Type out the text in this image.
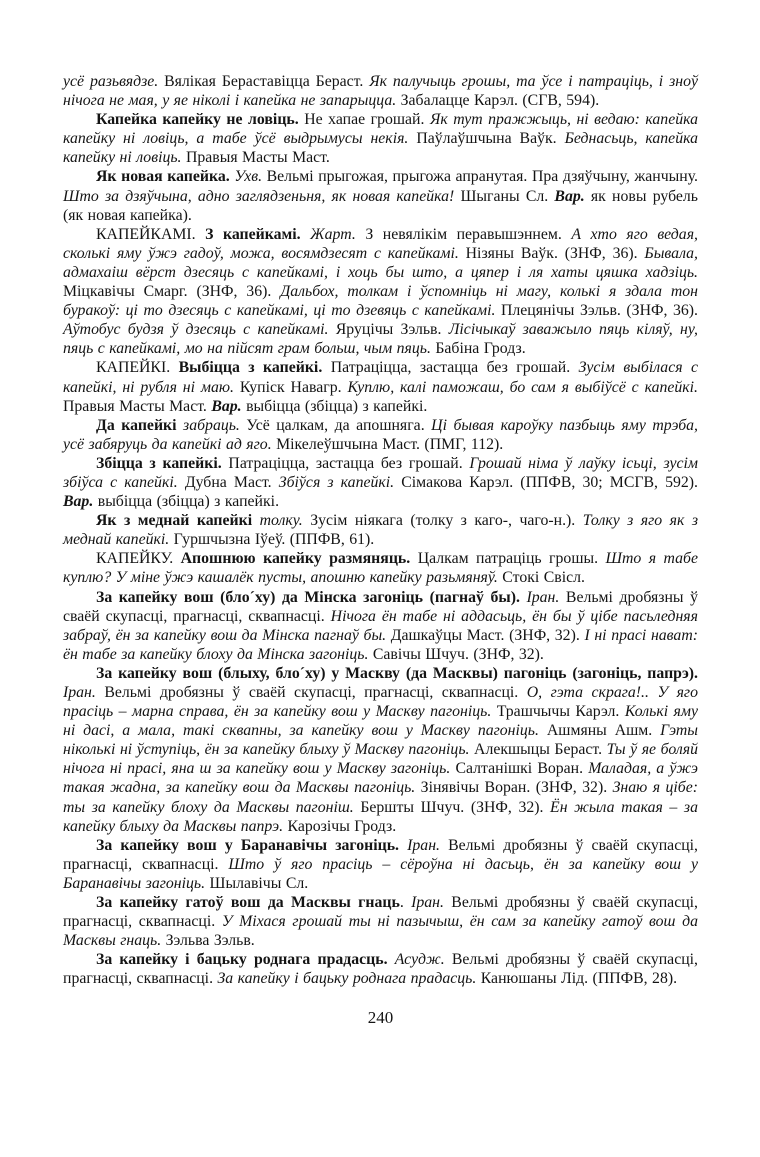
усё разьвядзе. Вялікая Бераставіцца Бераст. Як палучыць грошы, та ўсе і патраціць, і зноў нічога не мая, у яе ніколі і капейка не запарыцца. Забалацце Карэл. (СГВ, 594).

Капейка капейку не ловіць. Не хапае грошай. Як тут пражжыць, ні ведаю: капейка капейку ні ловіць, а табе ўсё выдрымусы некія. Паўлаўшчына Ваўк. Беднасьць, капейка капейку ні ловіць. Правыя Масты Маст.

Як новая капейка. Ухв. Вельмі прыгожая, прыгожа апранутая. Пра дзяўчыну, жанчыну. Што за дзяўчына, адно заглядзеньня, як новая капейка! Шыганы Сл. Вар. як новы рубель (як новая капейка).

КАПЕЙКАМІ. З капейкамі. Жарт. З невялікім перавышэннем. А хто яго ведая, сколькі яму ўжэ гадоў, можа, восямдзесят с капейкамі. Нізяны Ваўк. (ЗНФ, 36). Бывала, адмахаіш вёрст дзесяць с капейкамі, і хоць бы што, а цяпер і ля хаты цяшка хадзіць. Міцкавічы Смарг. (ЗНФ, 36). Дальбох, толкам і ўспомніць ні магу, колькі я здала тон буракоў: ці то дзесяць с капейкамі, ці то дзевяць с капейкамі. Плецянічы Зэльв. (ЗНФ, 36). Аўтобус будзя ў дзесяць с капейкамі. Яруцічы Зэльв. Лісічыкаў заважыло пяць кіляў, ну, пяць с капейкамі, мо на пійсят грам больш, чым пяць. Бабіна Гродз.

КАПЕЙКІ. Выбіцца з капейкі. Патраціцца, застацца без грошай. Зусім выбілася с капейкі, ні рубля ні маю. Купіск Навагр. Куплю, калі паможаш, бо сам я выбіўсё с капейкі. Правыя Масты Маст. Вар. выбіцца (збіцца) з капейкі.

Да капейкі забраць. Усё цалкам, да апошняга. Ці бывая кароўку пазбыць яму трэба, усё забяруць да капейкі ад яго. Мікелеўшчына Маст. (ПМГ, 112).

Збіцца з капейкі. Патраціцца, застацца без грошай. Грошай німа ў лаўку ісьці, зусім збіўса с капейкі. Дубна Маст. Збіўся з капейкі. Сімакова Карэл. (ППФВ, 30; МСГВ, 592). Вар. выбіцца (збіцца) з капейкі.

Як з меднай капейкі толку. Зусім ніякага (толку з каго-, чаго-н.). Толку з яго як з меднай капейкі. Гуршчызна Іўеў. (ППФВ, 61).

КАПЕЙКУ. Апошнюю капейку размяняць. Цалкам патраціць грошы. Што я табе куплю? У міне ўжэ кашалёк пусты, апошню капейку разьмяняў. Стокі Свісл.

За капейку вош (бло´ху) да Мінска загоніць (пагнаў бы). Іран. Вельмі дробязны ў сваёй скупасці, прагнасці, сквапнасці. Нічога ён табе ні аддасьць, ён бы ў цібе пасьледняя забраў, ён за капейку вош да Мінска пагнаў бы. Дашкаўцы Маст. (ЗНФ, 32). І ні прасі нават: ён табе за капейку блоху да Мінска загоніць. Савічы Шчуч. (ЗНФ, 32).

За капейку вош (блыху, бло´ху) у Маскву (да Масквы) пагоніць (загоніць, папрэ). Іран. Вельмі дробязны ў сваёй скупасці, прагнасці, сквапнасці. О, гэта скрага!.. У яго прасіць – марна справа, ён за капейку вош у Маскву пагоніць. Трашчычы Карэл. Колькі яму ні дасі, а мала, такі сквапны, за капейку вош у Маскву пагоніць. Ашмяны Ашм. Гэты ніколькі ні ўступіць, ён за капейку блыху ў Маскву пагоніць. Алекшыцы Бераст. Ты ў яе боляй нічога ні прасі, яна ш за капейку вош у Маскву загоніць. Салтанішкі Воран. Маладая, а ўжэ такая жадна, за капейку вош да Масквы пагоніць. Зінявічы Воран. (ЗНФ, 32). Знаю я цібе: ты за капейку блоху да Масквы пагоніш. Бершты Шчуч. (ЗНФ, 32). Ён жыла такая – за капейку блыху да Масквы папрэ. Карозічы Гродз.

За капейку вош у Баранавічы загоніць. Іран. Вельмі дробязны ў сваёй скупасці, прагнасці, сквапнасці. Што ў яго прасіць – сёроўна ні дасьць, ён за капейку вош у Баранавічы загоніць. Шылавічы Сл.

За капейку гатоў вош да Масквы гнаць. Іран. Вельмі дробязны ў сваёй скупасці, прагнасці, сквапнасці. У Міхася грошай ты ні пазычыш, ён сам за капейку гатоў вош да Масквы гнаць. Зэльва Зэльв.

За капейку і бацьку роднага прадасць. Асудж. Вельмі дробязны ў сваёй скупасці, прагнасці, сквапнасці. За капейку і бацьку роднага прадасць. Канюшаны Лід. (ППФВ, 28).

240
